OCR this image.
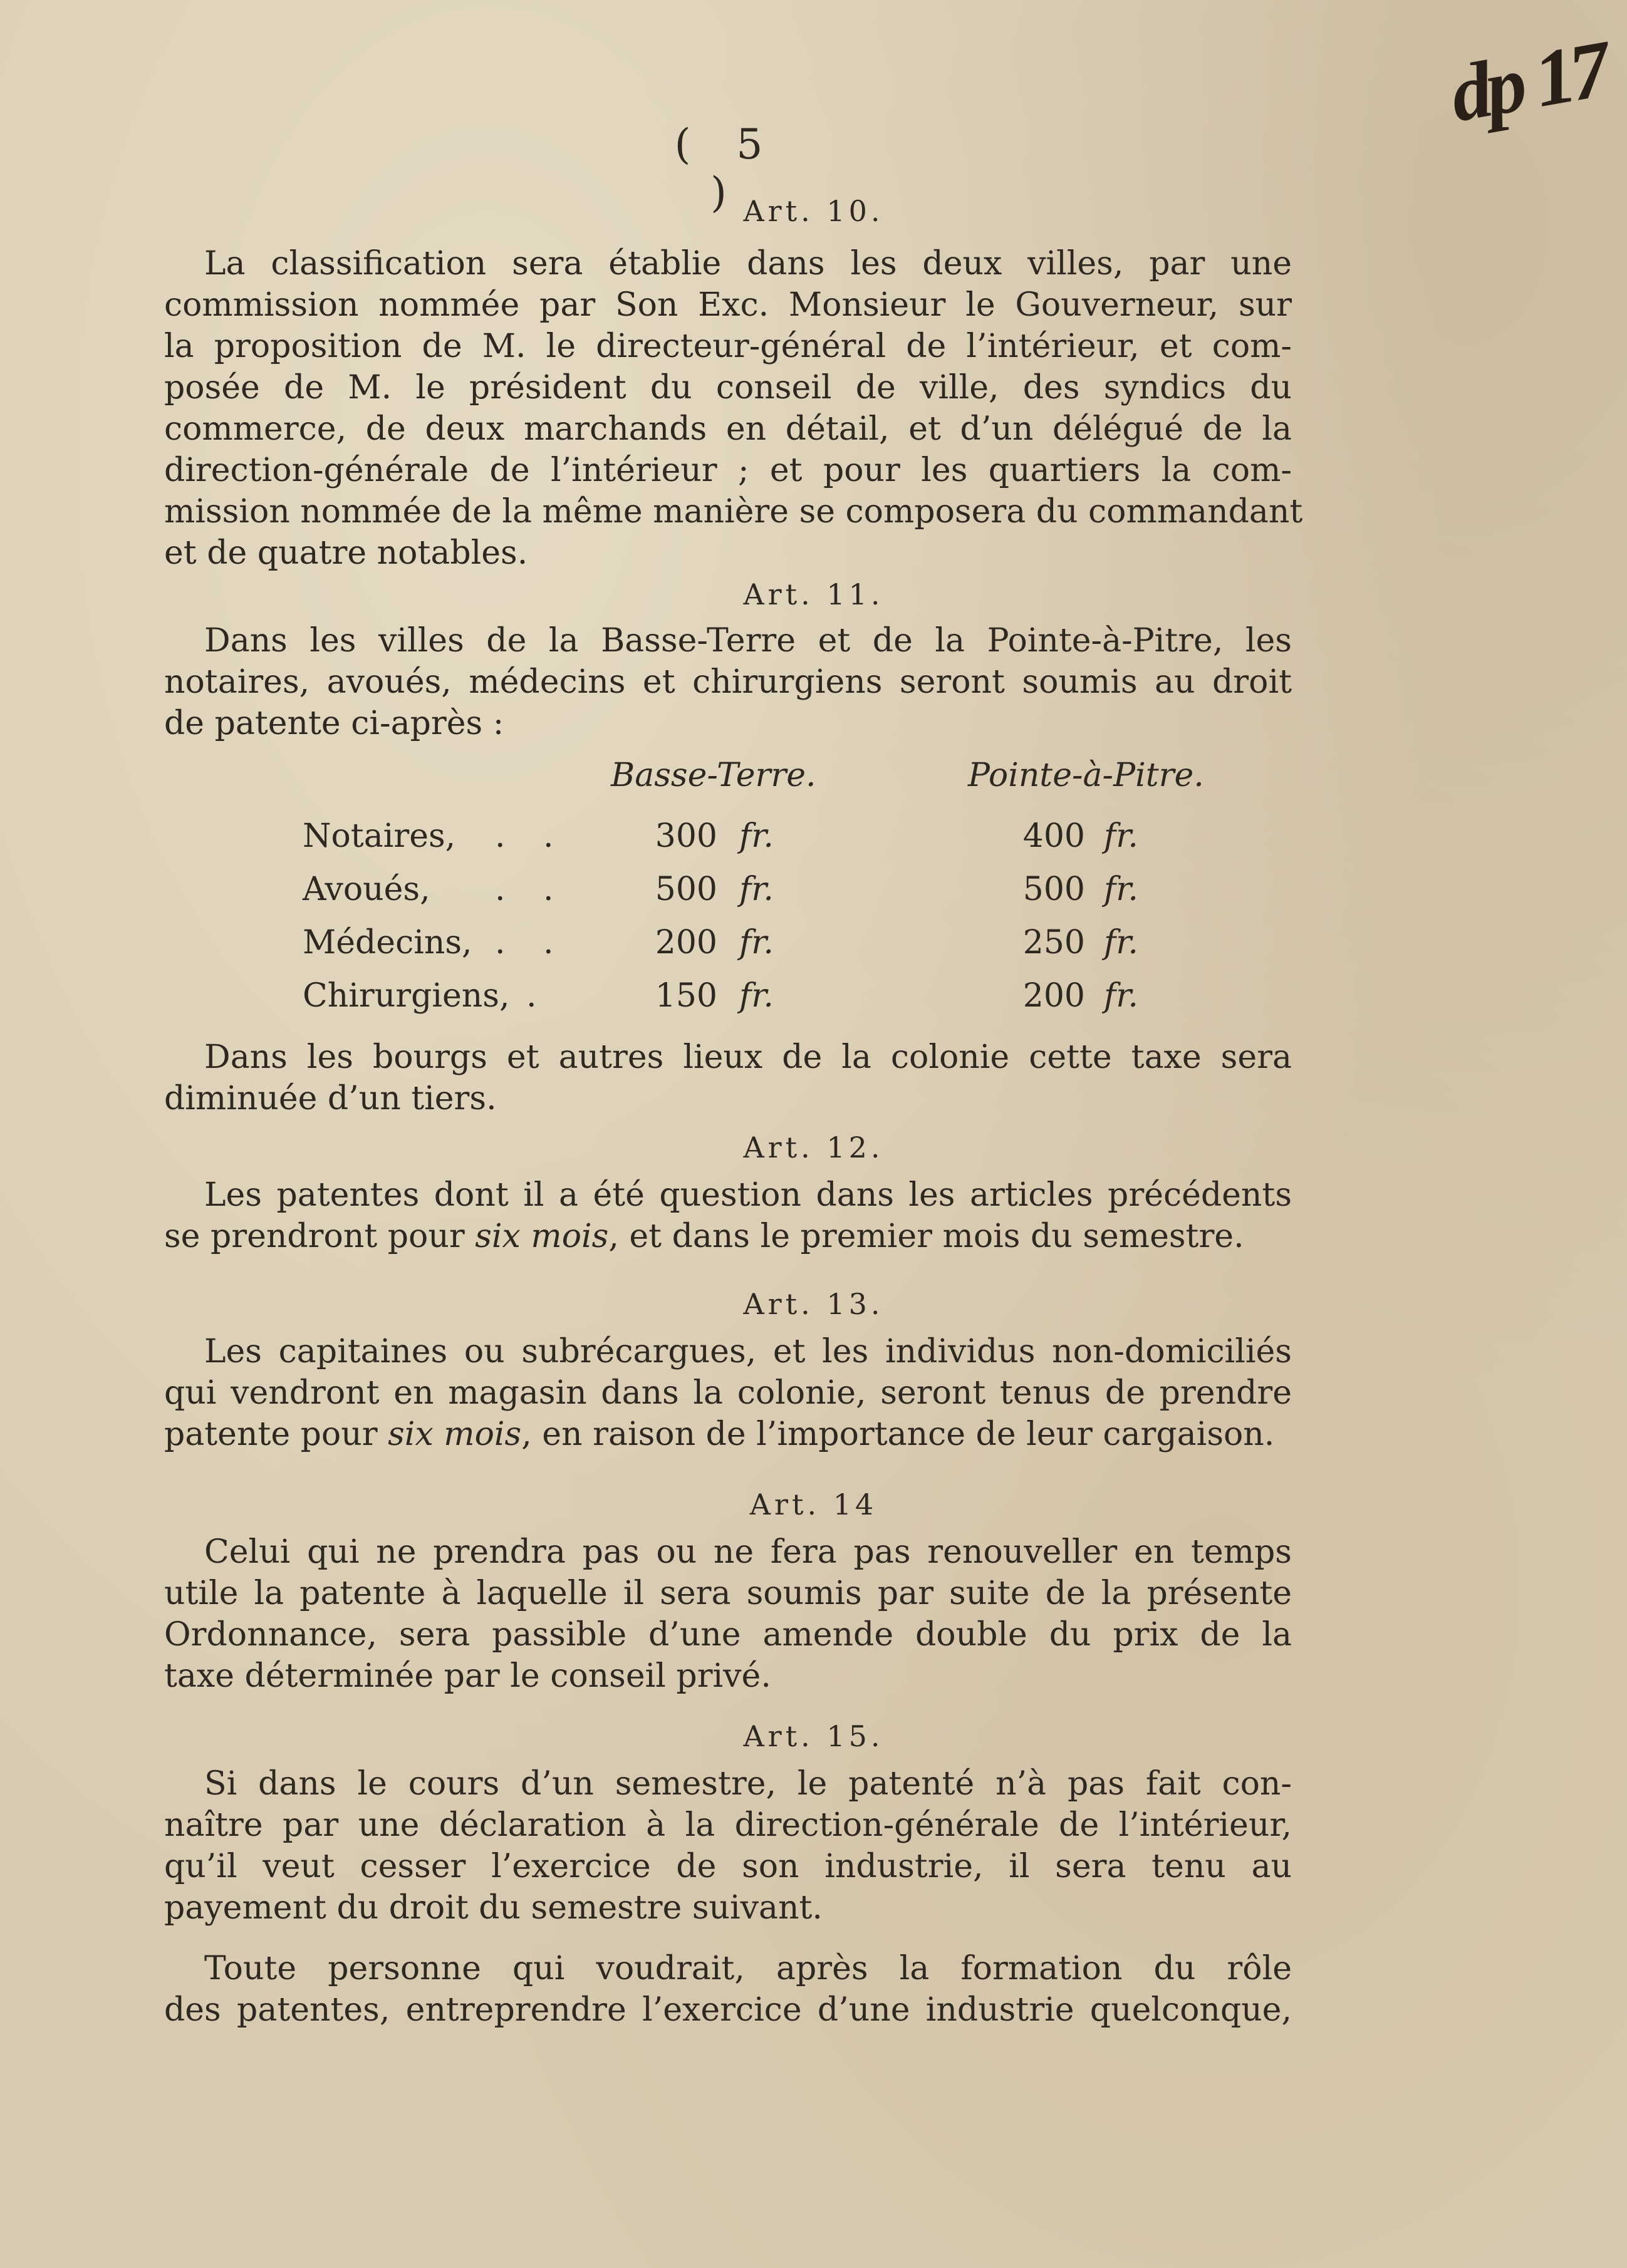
dp 17
( 5 ) Art. 10.
La classification sera établie dans les deux villes, par une
commission nommée par Son Exc. Monsieur le Gouverneur, sur
la proposition de M. le directeur-général de l’intérieur, et com-
posée de M. le président du conseil de ville, des syndics du
commerce, de deux marchands en détail, et d’un délégué de la
direction-générale de l’intérieur ; et pour les quartiers la com-
mission nommée de la même manière se composera du commandant
et de quatre notables.
Art. 11.
Dans les villes de la Basse-Terre et de la Pointe-à-Pitre, les
notaires, avoués, médecins et chirurgiens seront soumis au droit
de patente ci-après :
Basse-Terre.	Pointe-à-Pitre.
Notaires, . .	300 fr.	400 fr.
Avoués, . .	500 fr.	500 fr.
Médecins, . .	200 fr.	250 fr.
Chirurgiens, .	150 fr.	200 fr.
Dans les bourgs et autres lieux de la colonie cette taxe sera
diminuée d’un tiers.
Art. 12.
Les patentes dont il a été question dans les articles précédents
se prendront pour six mois, et dans le premier mois du semestre.
Art. 13.
Les capitaines ou subrécargues, et les individus non-domiciliés
qui vendront en magasin dans la colonie, seront tenus de prendre
patente pour six mois, en raison de l’importance de leur cargaison.
Art. 14
Celui qui ne prendra pas ou ne fera pas renouveller en temps
utile la patente à laquelle il sera soumis par suite de la présente
Ordonnance, sera passible d’une amende double du prix de la
taxe déterminée par le conseil privé.
Art. 15.
Si dans le cours d’un semestre, le patenté n’à pas fait con-
naître par une déclaration à la direction-générale de l’intérieur,
qu’il veut cesser l’exercice de son industrie, il sera tenu au
payement du droit du semestre suivant.
Toute personne qui voudrait, après la formation du rôle
des patentes, entreprendre l’exercice d’une industrie quelconque,
